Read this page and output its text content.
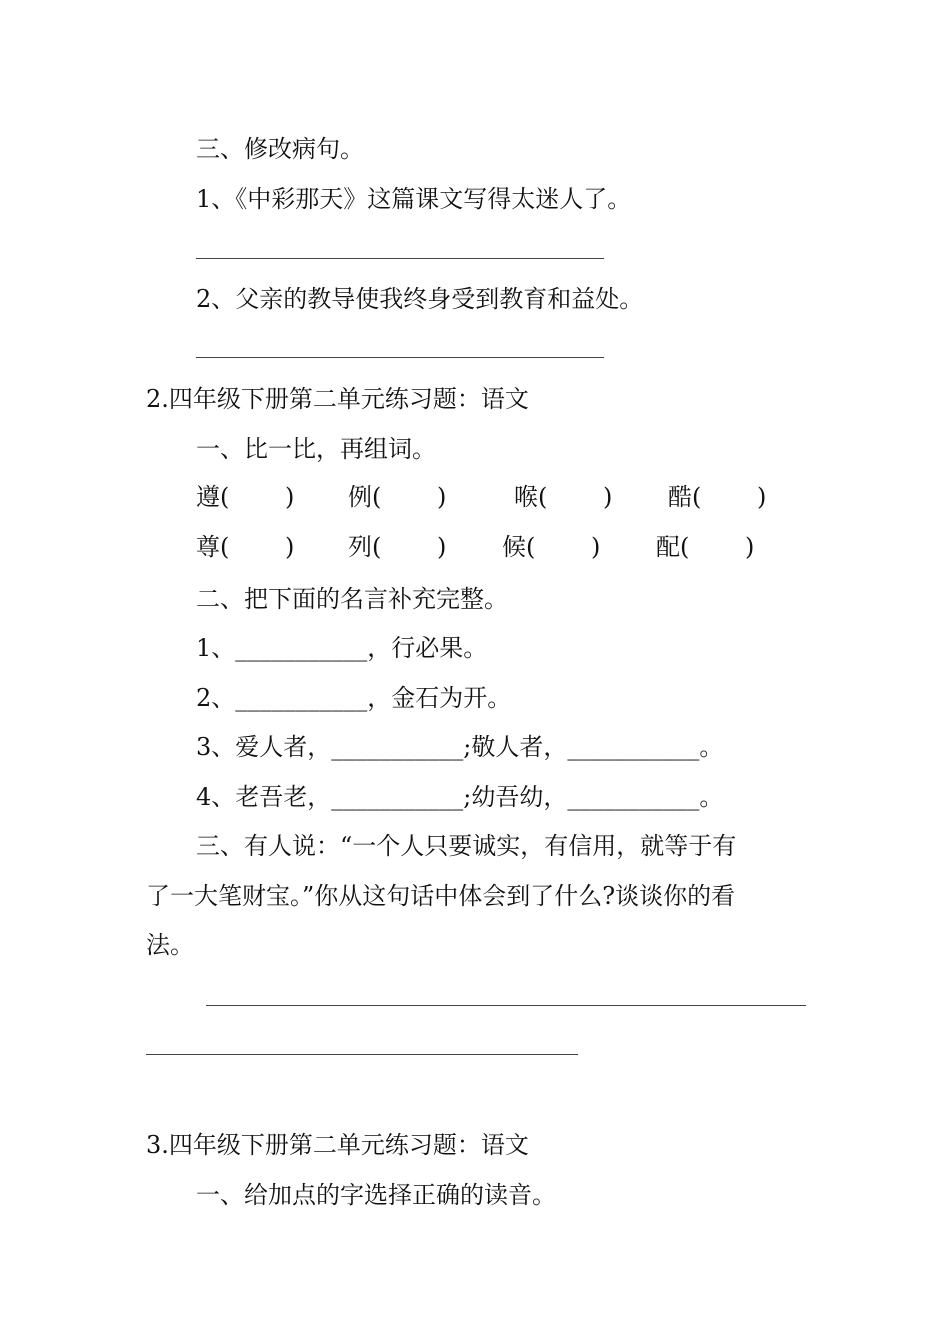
三、修改病句。
1、《中彩那天》这篇课文写得太迷人了。
2、父亲的教导使我终身受到教育和益处。
2.四年级下册第二单元练习题：语文
一、比一比，再组词。
遵(　　 ) 例(　　 )	喉(　　 ) 酷(　　 )
尊(　　 ) 列(　　 ) 候(　　 ) 配(　　 )
二、把下面的名言补充完整。
1、___________，行必果。
2、___________，金石为开。
3、爱人者，___________;敬人者，___________。
4、老吾老，___________;幼吾幼，___________。
三、有人说：“一个人只要诚实，有信用，就等于有
了一大笔财宝。”你从这句话中体会到了什么?谈谈你的看
法。
3.四年级下册第二单元练习题：语文
一、给加点的字选择正确的读音。
